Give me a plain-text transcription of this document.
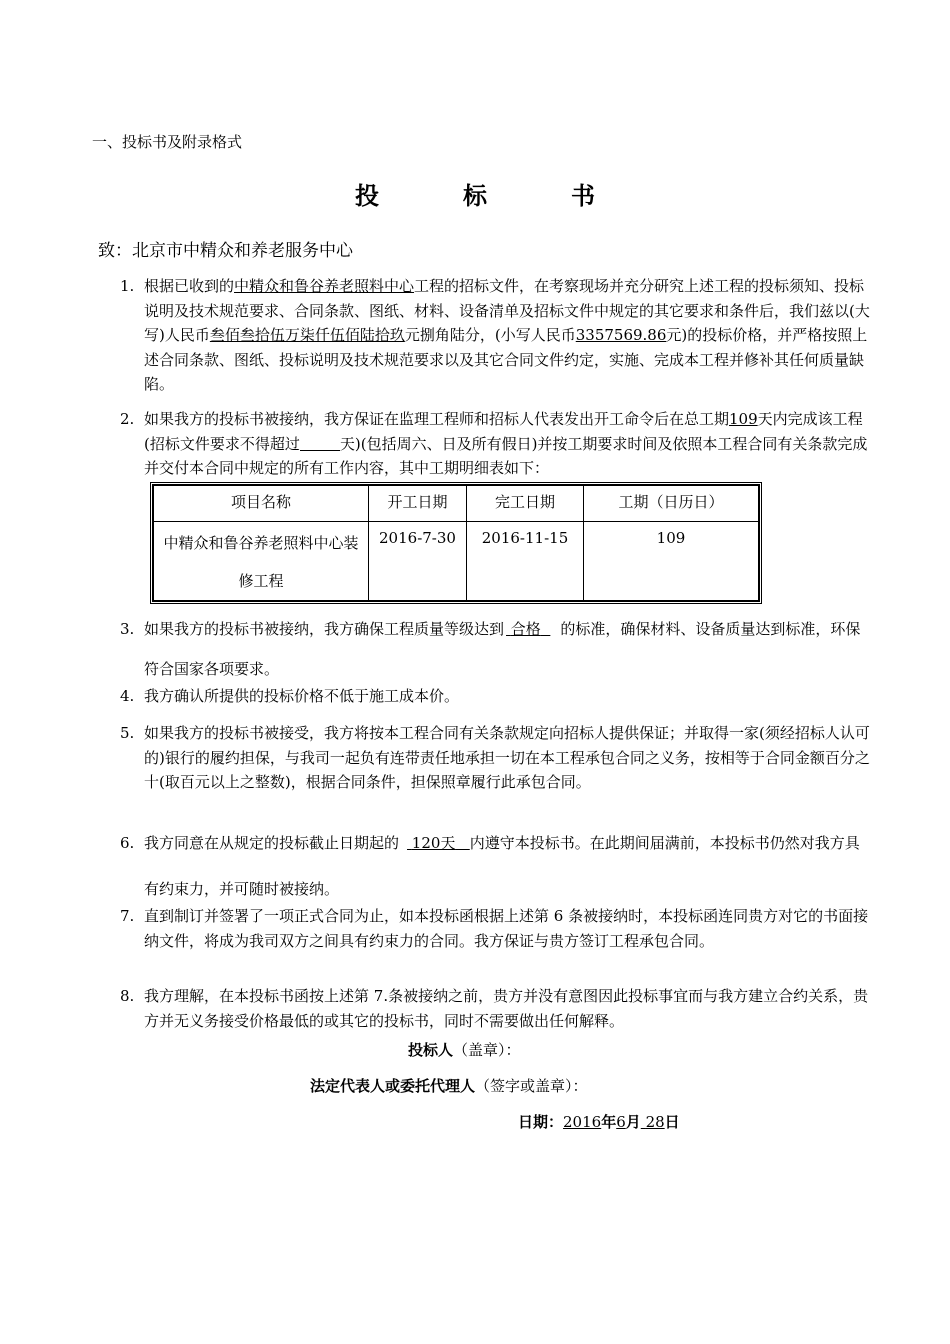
一、投标书及附录格式
投　标　书
致：北京市中精众和养老服务中心
1. 根据已收到的中精众和鲁谷养老照料中心工程的招标文件，在考察现场并充分研究上述工程的投标须知、投标说明及技术规范要求、合同条款、图纸、材料、设备清单及招标文件中规定的其它要求和条件后，我们兹以(大写)人民币叁佰叁拾伍万柒仟伍佰陆拾玖元捌角陆分，(小写人民币3357569.86元)的投标价格，并严格按照上述合同条款、图纸、投标说明及技术规范要求以及其它合同文件约定，实施、完成本工程并修补其任何质量缺陷。
2. 如果我方的投标书被接纳，我方保证在监理工程师和招标人代表发出开工命令后在总工期109天内完成该工程 (招标文件要求不得超过	天)(包括周六、日及所有假日)并按工期要求时间及依照本工程合同有关条款完成并交付本合同中规定的所有工作内容，其中工期明细表如下：
项目名称	开工日期	完工日期	工期（日历日）
中精众和鲁谷养老照料中心装修工程	2016-7-30	2016-11-15	109
3. 如果我方的投标书被接纳，我方确保工程质量等级达到 合格 的标准，确保材料、设备质量达到标准，环保符合国家各项要求。
4. 我方确认所提供的投标价格不低于施工成本价。
5. 如果我方的投标书被接受，我方将按本工程合同有关条款规定向招标人提供保证；并取得一家(须经招标人认可的)银行的履约担保，与我司一起负有连带责任地承担一切在本工程承包合同之义务，按相等于合同金额百分之十(取百元以上之整数)，根据合同条件，担保照章履行此承包合同。
6. 我方同意在从规定的投标截止日期起的 120天 内遵守本投标书。在此期间届满前，本投标书仍然对我方具有约束力，并可随时被接纳。
7. 直到制订并签署了一项正式合同为止，如本投标函根据上述第 6 条被接纳时，本投标函连同贵方对它的书面接纳文件，将成为我司双方之间具有约束力的合同。我方保证与贵方签订工程承包合同。
8. 我方理解，在本投标书函按上述第 7.条被接纳之前，贵方并没有意图因此投标事宜而与我方建立合约关系，贵方并无义务接受价格最低的或其它的投标书，同时不需要做出任何解释。
投标人（盖章）：
法定代表人或委托代理人（签字或盖章）：
日期：2016年6月 28日
